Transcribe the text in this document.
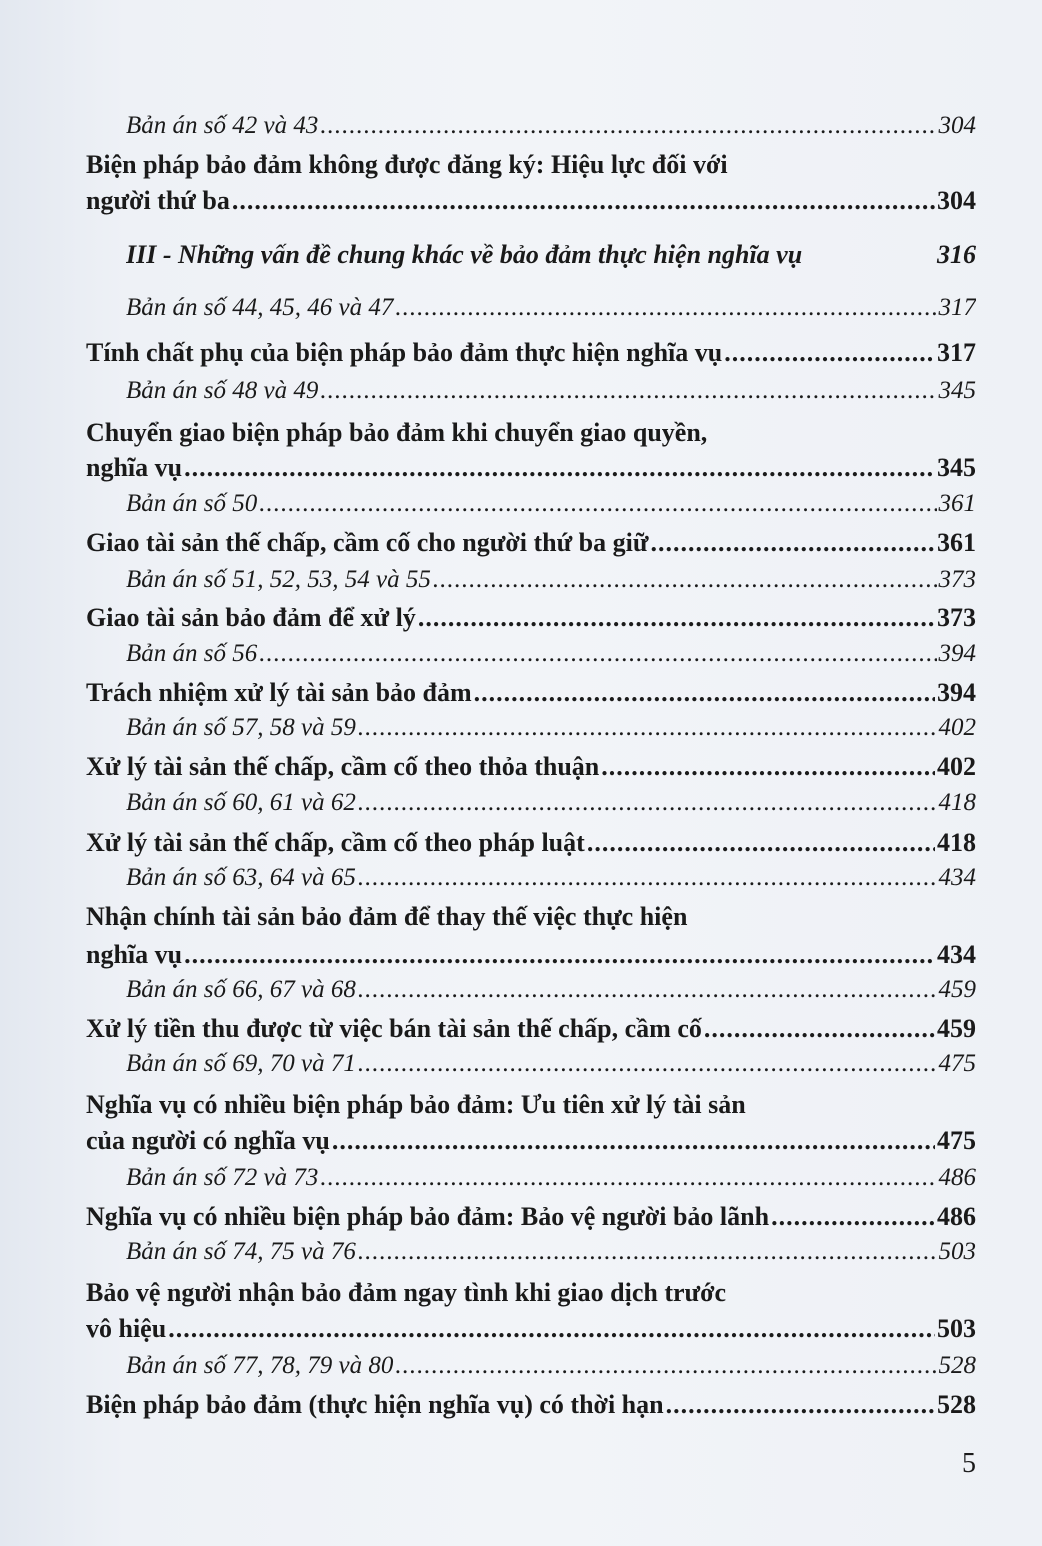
Bản án số 42 và 43 .....	304
Biện pháp bảo đảm không được đăng ký: Hiệu lực đối với
người thứ ba .....	304
III - Những vấn đề chung khác về bảo đảm thực hiện nghĩa vụ	316
Bản án số 44, 45, 46 và 47 .....	317
Tính chất phụ của biện pháp bảo đảm thực hiện nghĩa vụ .....	317
Bản án số 48 và 49 .....	345
Chuyển giao biện pháp bảo đảm khi chuyển giao quyền,
nghĩa vụ .....	345
Bản án số 50 .....	361
Giao tài sản thế chấp, cầm cố cho người thứ ba giữ .....	361
Bản án số 51, 52, 53, 54 và 55 .....	373
Giao tài sản bảo đảm để xử lý .....	373
Bản án số 56 .....	394
Trách nhiệm xử lý tài sản bảo đảm .....	394
Bản án số 57, 58 và 59 .....	402
Xử lý tài sản thế chấp, cầm cố theo thỏa thuận .....	402
Bản án số 60, 61 và 62 .....	418
Xử lý tài sản thế chấp, cầm cố theo pháp luật .....	418
Bản án số 63, 64 và 65 .....	434
Nhận chính tài sản bảo đảm để thay thế việc thực hiện
nghĩa vụ .....	434
Bản án số 66, 67 và 68 .....	459
Xử lý tiền thu được từ việc bán tài sản thế chấp, cầm cố .....	459
Bản án số 69, 70 và 71 .....	475
Nghĩa vụ có nhiều biện pháp bảo đảm: Ưu tiên xử lý tài sản
của người có nghĩa vụ .....	475
Bản án số 72 và 73 .....	486
Nghĩa vụ có nhiều biện pháp bảo đảm: Bảo vệ người bảo lãnh .....	486
Bản án số 74, 75 và 76 .....	503
Bảo vệ người nhận bảo đảm ngay tình khi giao dịch trước
vô hiệu .....	503
Bản án số 77, 78, 79 và 80 .....	528
Biện pháp bảo đảm (thực hiện nghĩa vụ) có thời hạn .....	528
5
